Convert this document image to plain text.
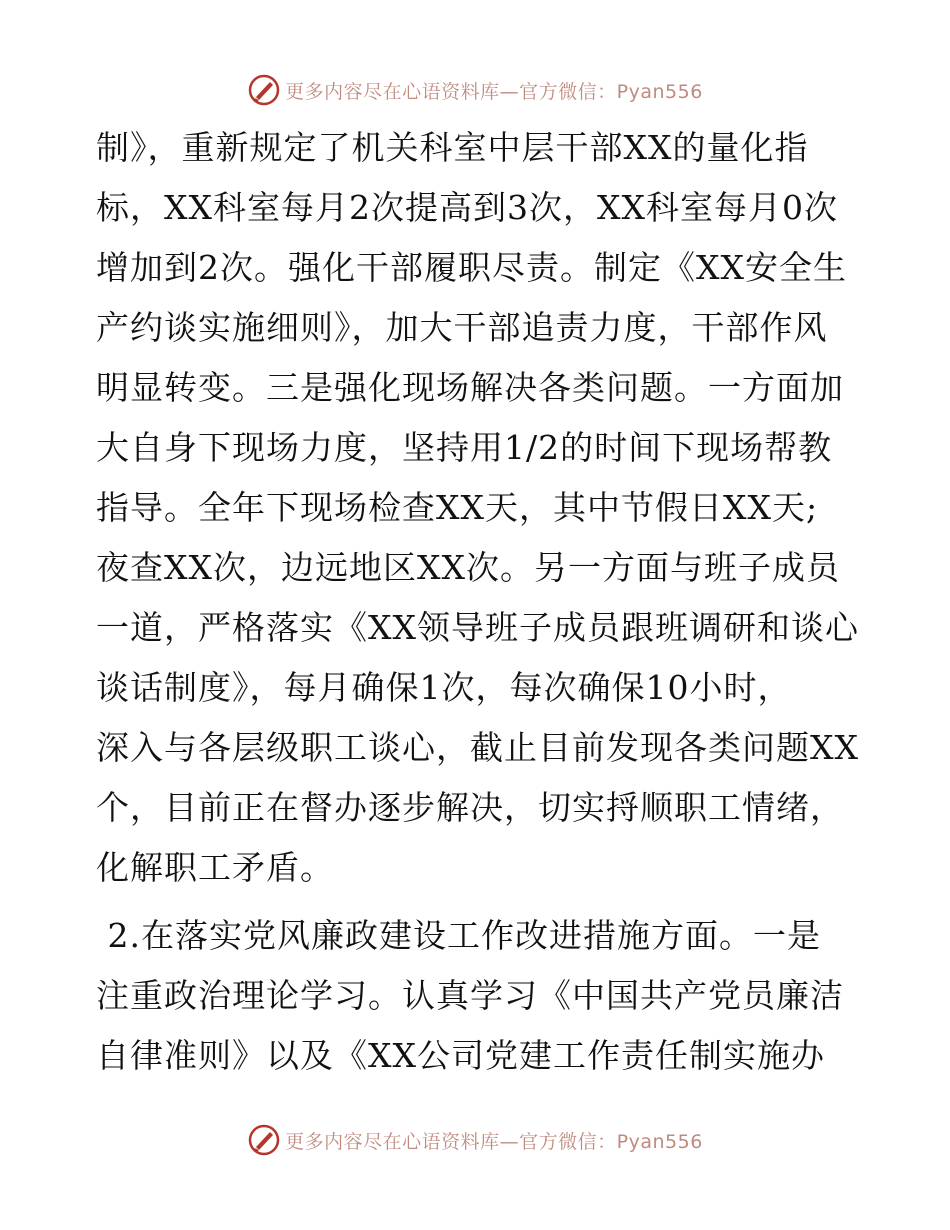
更多内容尽在心语资料库—官方微信：Pyan556
制》，重新规定了机关科室中层干部XX的量化指
标，XX科室每月2次提高到3次，XX科室每月0次
增加到2次。强化干部履职尽责。制定《XX安全生
产约谈实施细则》，加大干部追责力度，干部作风
明显转变。三是强化现场解决各类问题。一方面加
大自身下现场力度，坚持用1/2的时间下现场帮教
指导。全年下现场检查XX天，其中节假日XX天;
夜查XX次，边远地区XX次。另一方面与班子成员
一道，严格落实《XX领导班子成员跟班调研和谈心
谈话制度》，每月确保1次，每次确保10小时，
深入与各层级职工谈心，截止目前发现各类问题XX
个，目前正在督办逐步解决，切实捋顺职工情绪，
化解职工矛盾。
2.在落实党风廉政建设工作改进措施方面。一是
注重政治理论学习。认真学习《中国共产党员廉洁
自律准则》以及《XX公司党建工作责任制实施办
更多内容尽在心语资料库—官方微信：Pyan556
